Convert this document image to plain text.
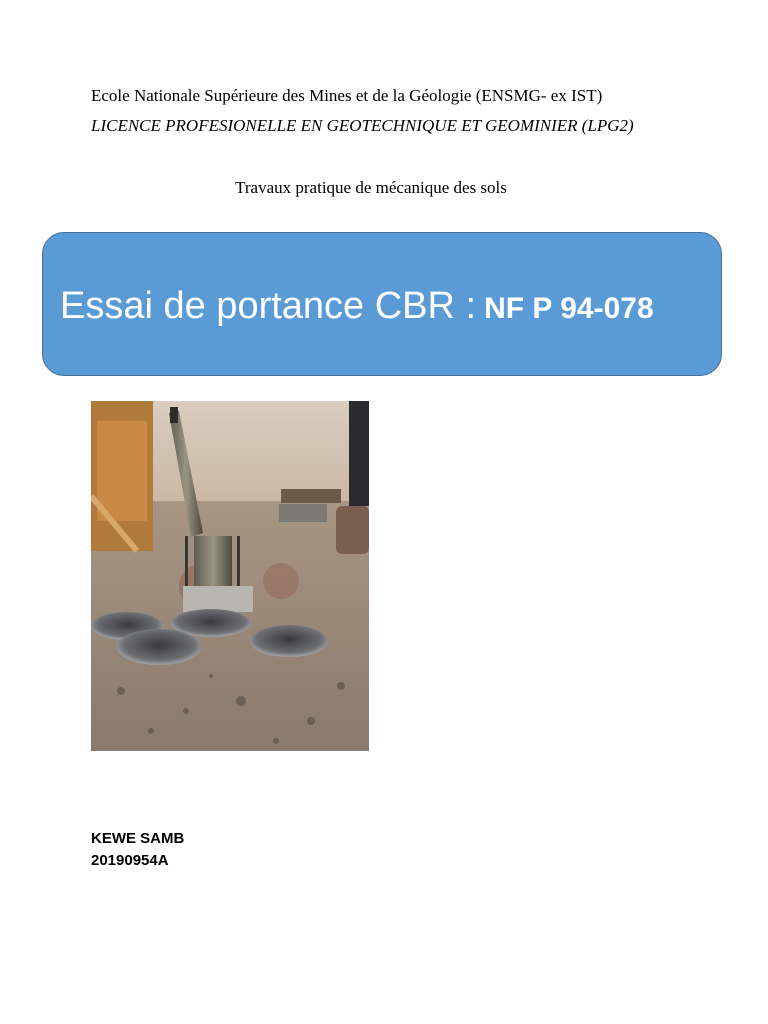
Ecole Nationale Supérieure des Mines et de la Géologie (ENSMG- ex IST)
LICENCE PROFESIONELLE EN GEOTECHNIQUE ET GEOMINIER (LPG2)
Travaux pratique de mécanique des sols
Essai de portance CBR : NF P 94-078
KEWE SAMB
20190954A
